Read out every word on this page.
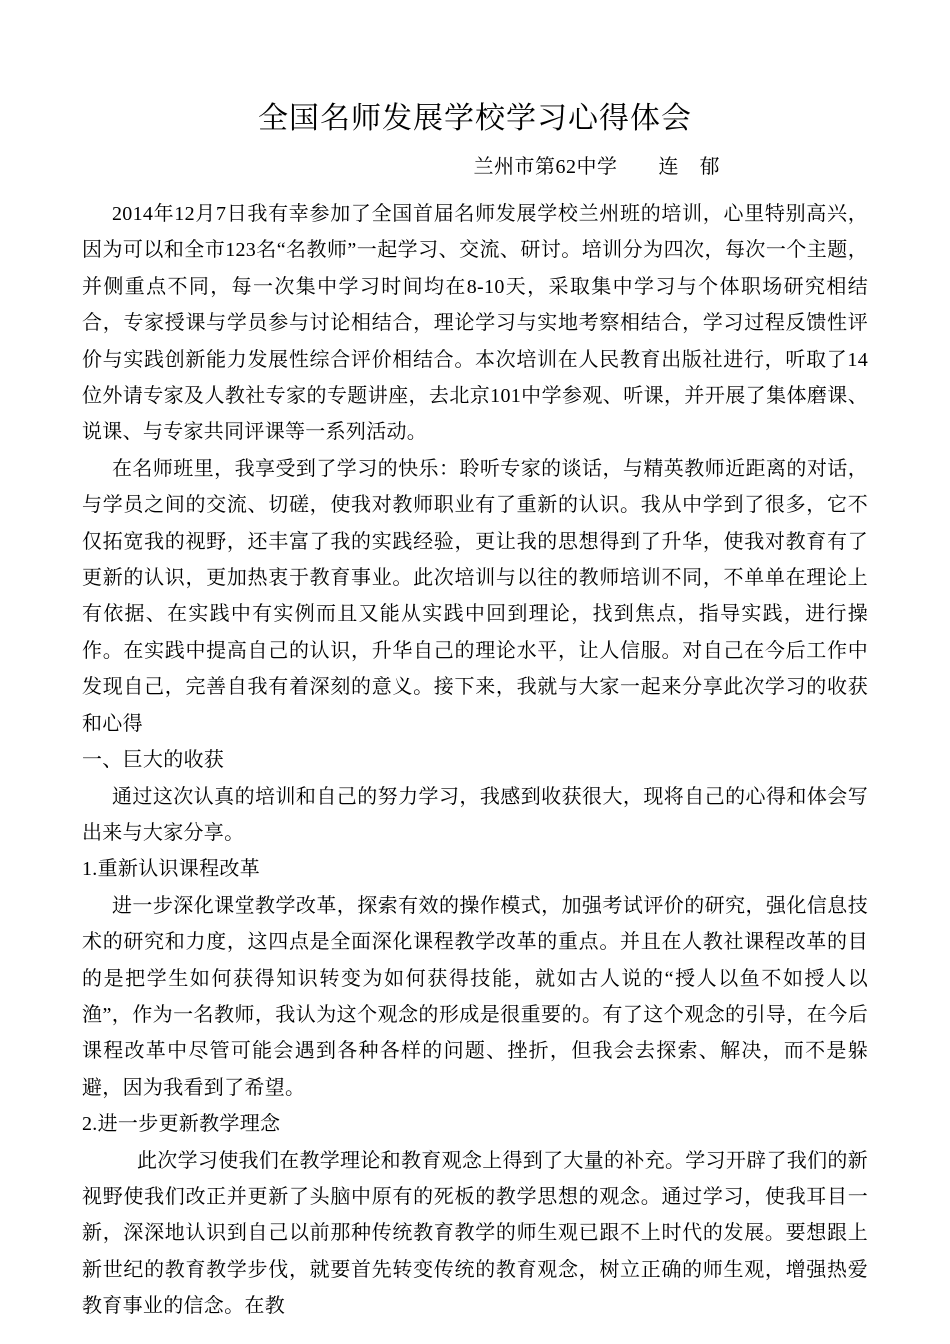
全国名师发展学校学习心得体会
兰州市第62中学　　连　郁

2014年12月7日我有幸参加了全国首届名师发展学校兰州班的培训，心里特别高兴，因为可以和全市123名“名教师”一起学习、交流、研讨。培训分为四次，每次一个主题，并侧重点不同，每一次集中学习时间均在8-10天，采取集中学习与个体职场研究相结合，专家授课与学员参与讨论相结合，理论学习与实地考察相结合，学习过程反馈性评价与实践创新能力发展性综合评价相结合。本次培训在人民教育出版社进行，听取了14位外请专家及人教社专家的专题讲座，去北京101中学参观、听课，并开展了集体磨课、说课、与专家共同评课等一系列活动。

在名师班里，我享受到了学习的快乐：聆听专家的谈话，与精英教师近距离的对话，与学员之间的交流、切磋，使我对教师职业有了重新的认识。我从中学到了很多，它不仅拓宽我的视野，还丰富了我的实践经验，更让我的思想得到了升华，使我对教育有了更新的认识，更加热衷于教育事业。此次培训与以往的教师培训不同，不单单在理论上有依据、在实践中有实例而且又能从实践中回到理论，找到焦点，指导实践，进行操作。在实践中提高自己的认识，升华自己的理论水平，让人信服。对自己在今后工作中发现自己，完善自我有着深刻的意义。接下来，我就与大家一起来分享此次学习的收获和心得

一、巨大的收获

通过这次认真的培训和自己的努力学习，我感到收获很大，现将自己的心得和体会写出来与大家分享。

1.重新认识课程改革

进一步深化课堂教学改革，探索有效的操作模式，加强考试评价的研究，强化信息技术的研究和力度，这四点是全面深化课程教学改革的重点。并且在人教社课程改革的目的是把学生如何获得知识转变为如何获得技能，就如古人说的“授人以鱼不如授人以渔”，作为一名教师，我认为这个观念的形成是很重要的。有了这个观念的引导，在今后课程改革中尽管可能会遇到各种各样的问题、挫折，但我会去探索、解决，而不是躲避，因为我看到了希望。

2.进一步更新教学理念

此次学习使我们在教学理论和教育观念上得到了大量的补充。学习开辟了我们的新视野使我们改正并更新了头脑中原有的死板的教学思想的观念。通过学习，使我耳目一新，深深地认识到自己以前那种传统教育教学的师生观已跟不上时代的发展。要想跟上新世纪的教育教学步伐，就要首先转变传统的教育观念，树立正确的师生观，增强热爱教育事业的信念。在教
